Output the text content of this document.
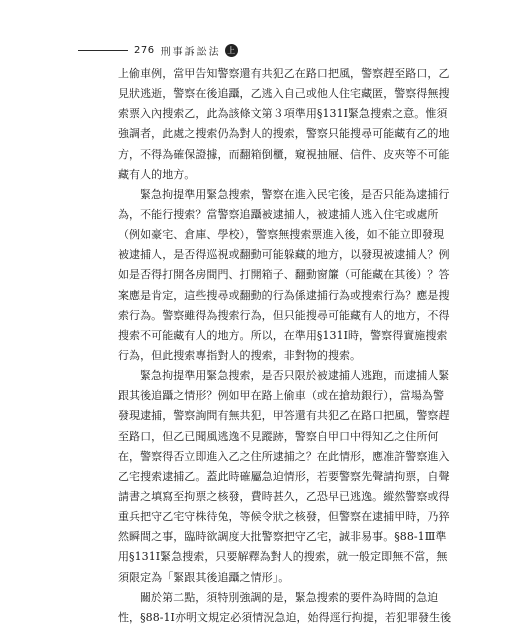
276 刑事訴訟法 上
上偷車例，當甲告知警察還有共犯乙在路口把風，警察趕至路口，乙
見狀逃逝，警察在後追躡，乙逃入自己或他人住宅藏匿，警察得無搜
索票入內搜索乙，此為該條文第３項準用§131Ⅰ緊急搜索之意。惟須
強調者，此處之搜索仍為對人的搜索，警察只能搜尋可能藏有乙的地
方，不得為確保證據，而翻箱倒櫃，窺視抽屜、信件、皮夾等不可能
藏有人的地方。
緊急拘提準用緊急搜索，警察在進入民宅後，是否只能為逮捕行
為，不能行搜索？當警察追躡被逮捕人，被逮捕人逃入住宅或處所
（例如豪宅、倉庫、學校），警察無搜索票進入後，如不能立即發現
被逮捕人，是否得巡視或翻動可能躲藏的地方，以發現被逮捕人？例
如是否得打開各房間門、打開箱子、翻動窗簾（可能藏在其後）？答
案應是肯定，這些搜尋或翻動的行為係逮捕行為或搜索行為？應是搜
索行為。警察雖得為搜索行為，但只能搜尋可能藏有人的地方，不得
搜索不可能藏有人的地方。所以，在準用§131Ⅰ時，警察得實施搜索
行為，但此搜索專指對人的搜索，非對物的搜索。
緊急拘提準用緊急搜索，是否只限於被逮捕人逃跑，而逮捕人緊
跟其後追躡之情形？例如甲在路上偷車（或在搶劫銀行），當場為警
發現逮捕，警察詢問有無共犯，甲答還有共犯乙在路口把風，警察趕
至路口，但乙已聞風逃逸不見蹤跡，警察自甲口中得知乙之住所何
在，警察得否立即進入乙之住所逮捕之？在此情形，應准許警察進入
乙宅搜索逮捕乙。蓋此時確屬急迫情形，若要警察先聲請拘票，自聲
請書之填寫至拘票之核發，費時甚久，乙恐早已逃逸。縱然警察或得
重兵把守乙宅守株待兔，等候令狀之核發，但警察在逮捕甲時，乃猝
然瞬間之事，臨時欲調度大批警察把守乙宅，誠非易事。§88-1Ⅲ準
用§131Ⅰ緊急搜索，只要解釋為對人的搜索，就一般定即無不當，無
須限定為「緊跟其後追躡之情形」。
關於第二點，須特別強調的是，緊急搜索的要件為時間的急迫
性，§88-1Ⅰ亦明文規定必須情況急迫，始得逕行拘提，若犯罪發生後
